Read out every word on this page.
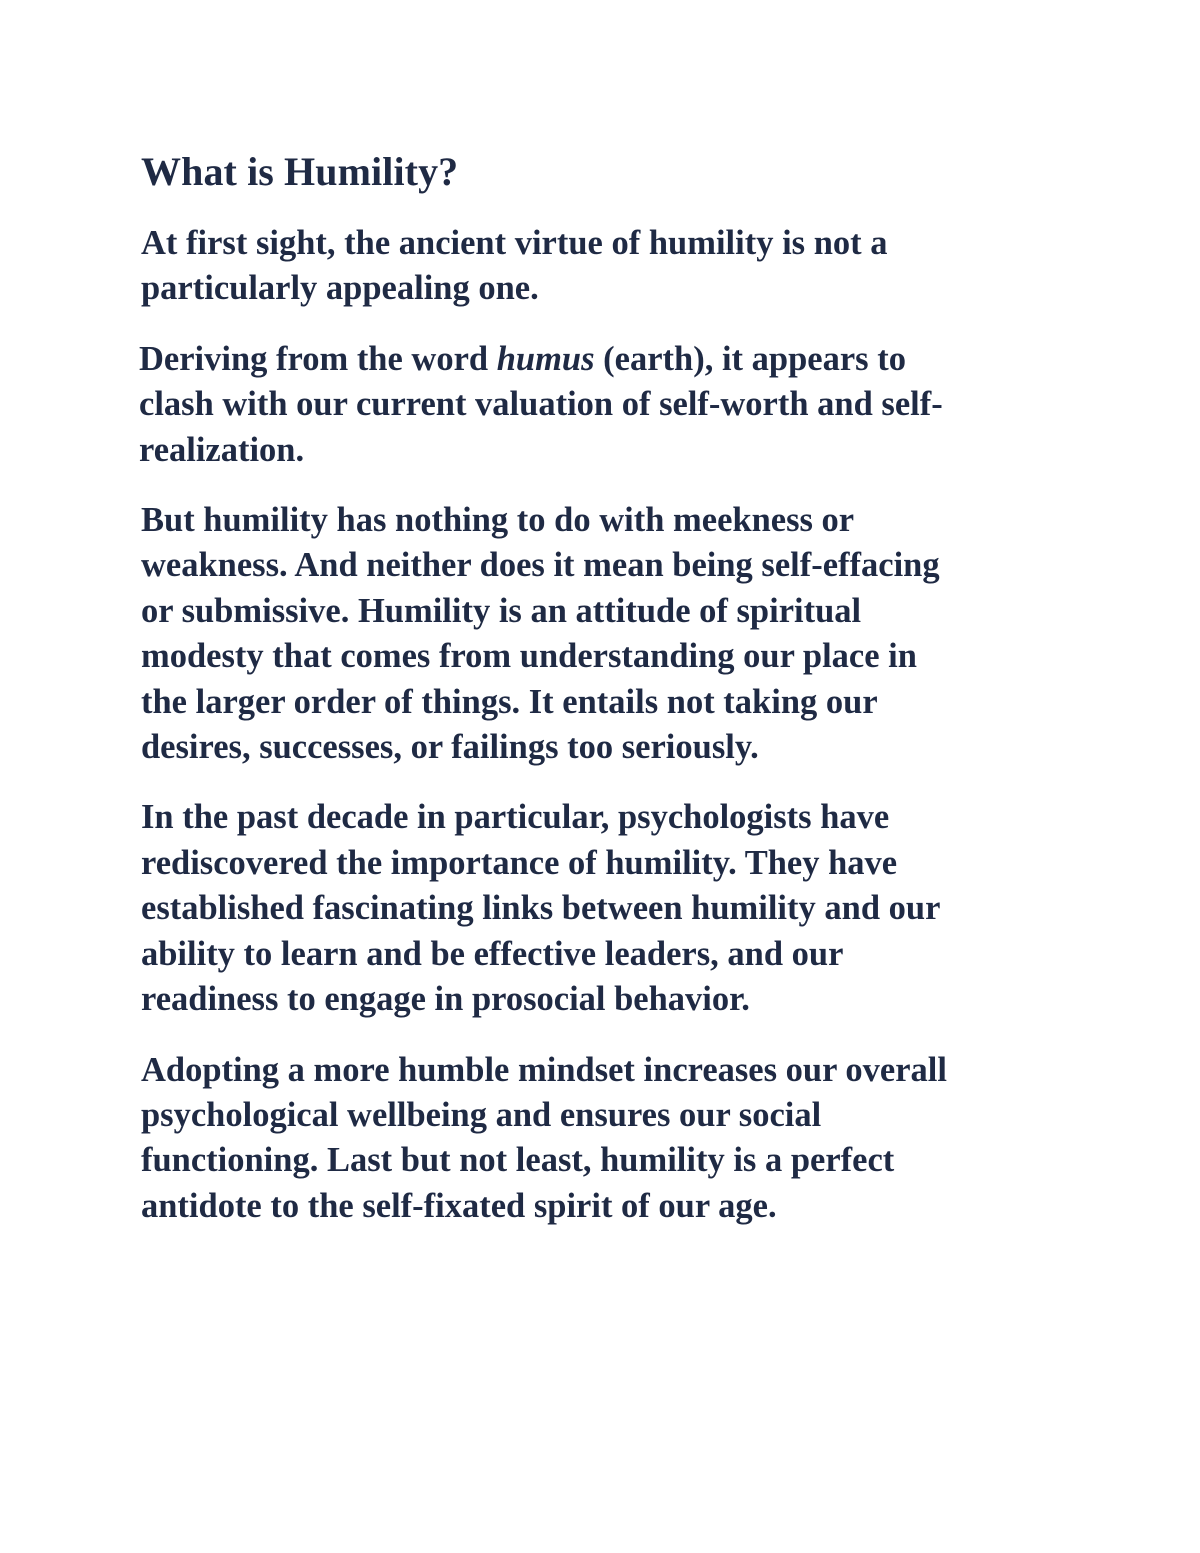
What is Humility?

At first sight, the ancient virtue of humility is not a
particularly appealing one.

Deriving from the word humus (earth), it appears to
clash with our current valuation of self-worth and self-
realization.

But humility has nothing to do with meekness or
weakness. And neither does it mean being self-effacing
or submissive. Humility is an attitude of spiritual
modesty that comes from understanding our place in
the larger order of things. It entails not taking our
desires, successes, or failings too seriously.

In the past decade in particular, psychologists have
rediscovered the importance of humility. They have
established fascinating links between humility and our
ability to learn and be effective leaders, and our
readiness to engage in prosocial behavior.

Adopting a more humble mindset increases our overall
psychological wellbeing and ensures our social
functioning. Last but not least, humility is a perfect
antidote to the self-fixated spirit of our age.
